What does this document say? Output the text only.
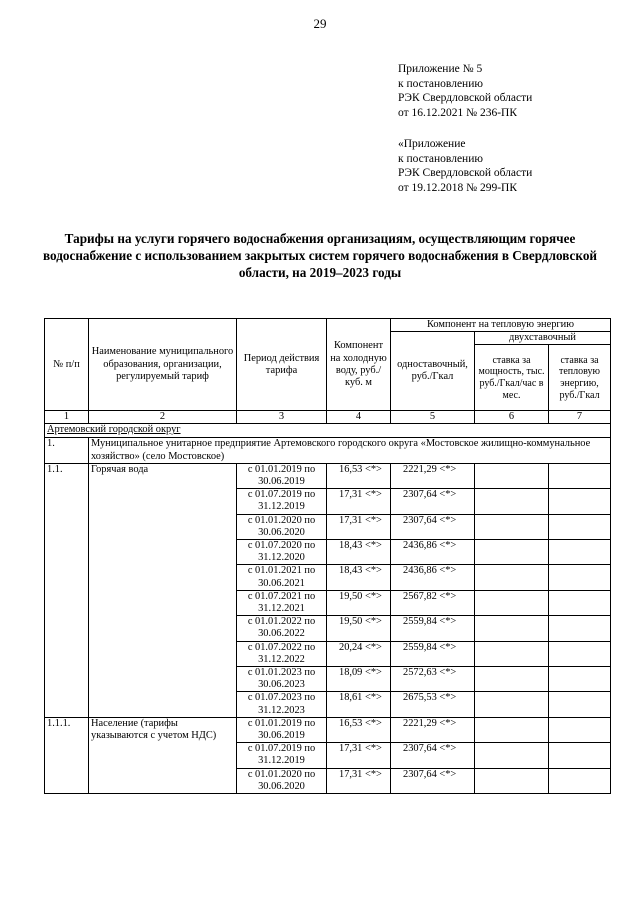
29
Приложение № 5
к постановлению
РЭК Свердловской области
от 16.12.2021 № 236-ПК
«Приложение
к постановлению
РЭК Свердловской области
от 19.12.2018 № 299-ПК
Тарифы на услуги горячего водоснабжения организациям, осуществляющим горячее водоснабжение с использованием закрытых систем горячего водоснабжения в Свердловской области, на 2019–2023 годы
№ п/п	Наименование муниципального образования, организации, регулируемый тариф	Период действия тарифа	Компонент на холодную воду, руб./куб. м	Компонент на тепловую энергию		
				одноставочный, руб./Гкал	двухставочный	
					ставка за мощность, тыс. руб./Гкал/час в мес.	ставка за тепловую энергию, руб./Гкал
1	2	3	4	5	6	7
Артемовский городской округ						
1.	Муниципальное унитарное предприятие Артемовского городского округа «Мостовское жилищно-коммунальное хозяйство» (село Мостовское)					
1.1.	Горячая вода	с 01.01.2019 по 30.06.2019	16,53 <*>	2221,29 <*>		
		с 01.07.2019 по 31.12.2019	17,31 <*>	2307,64 <*>		
		с 01.01.2020 по 30.06.2020	17,31 <*>	2307,64 <*>		
		с 01.07.2020 по 31.12.2020	18,43 <*>	2436,86 <*>		
		с 01.01.2021 по 30.06.2021	18,43 <*>	2436,86 <*>		
		с 01.07.2021 по 31.12.2021	19,50 <*>	2567,82 <*>		
		с 01.01.2022 по 30.06.2022	19,50 <*>	2559,84 <*>		
		с 01.07.2022 по 31.12.2022	20,24 <*>	2559,84 <*>		
		с 01.01.2023 по 30.06.2023	18,09 <*>	2572,63 <*>		
		с 01.07.2023 по 31.12.2023	18,61 <*>	2675,53 <*>		
1.1.1.	Население (тарифы указываются с учетом НДС)	с 01.01.2019 по 30.06.2019	16,53 <*>	2221,29 <*>		
		с 01.07.2019 по 31.12.2019	17,31 <*>	2307,64 <*>		
		с 01.01.2020 по 30.06.2020	17,31 <*>	2307,64 <*>		
